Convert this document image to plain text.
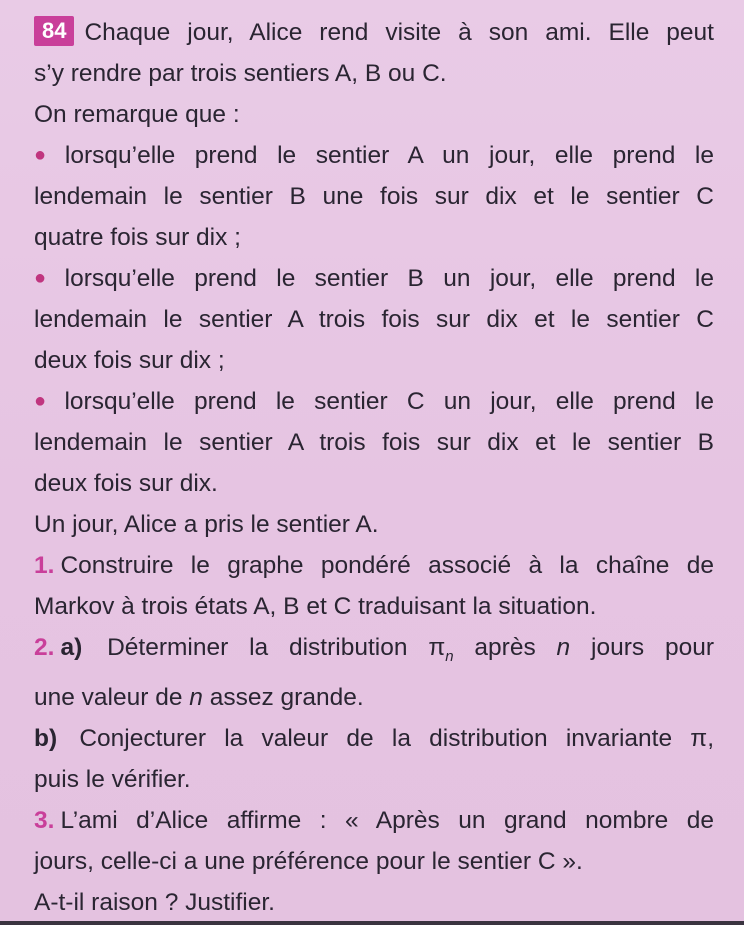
84 Chaque jour, Alice rend visite à son ami. Elle peut

s’y rendre par trois sentiers A, B ou C.

On remarque que :

● lorsqu’elle prend le sentier A un jour, elle prend le

lendemain le sentier B une fois sur dix et le sentier C

quatre fois sur dix ;

● lorsqu’elle prend le sentier B un jour, elle prend le

lendemain le sentier A trois fois sur dix et le sentier C

deux fois sur dix ;

● lorsqu’elle prend le sentier C un jour, elle prend le

lendemain le sentier A trois fois sur dix et le sentier B

deux fois sur dix.

Un jour, Alice a pris le sentier A.

1. Construire le graphe pondéré associé à la chaîne de

Markov à trois états A, B et C traduisant la situation.

2. a) Déterminer la distribution $\pi_n$ après n jours pour

une valeur de n assez grande.

b) Conjecturer la valeur de la distribution invariante π,

puis le vérifier.

3. L’ami d’Alice affirme : « Après un grand nombre de

jours, celle-ci a une préférence pour le sentier C ».

A-t-il raison ? Justifier.
